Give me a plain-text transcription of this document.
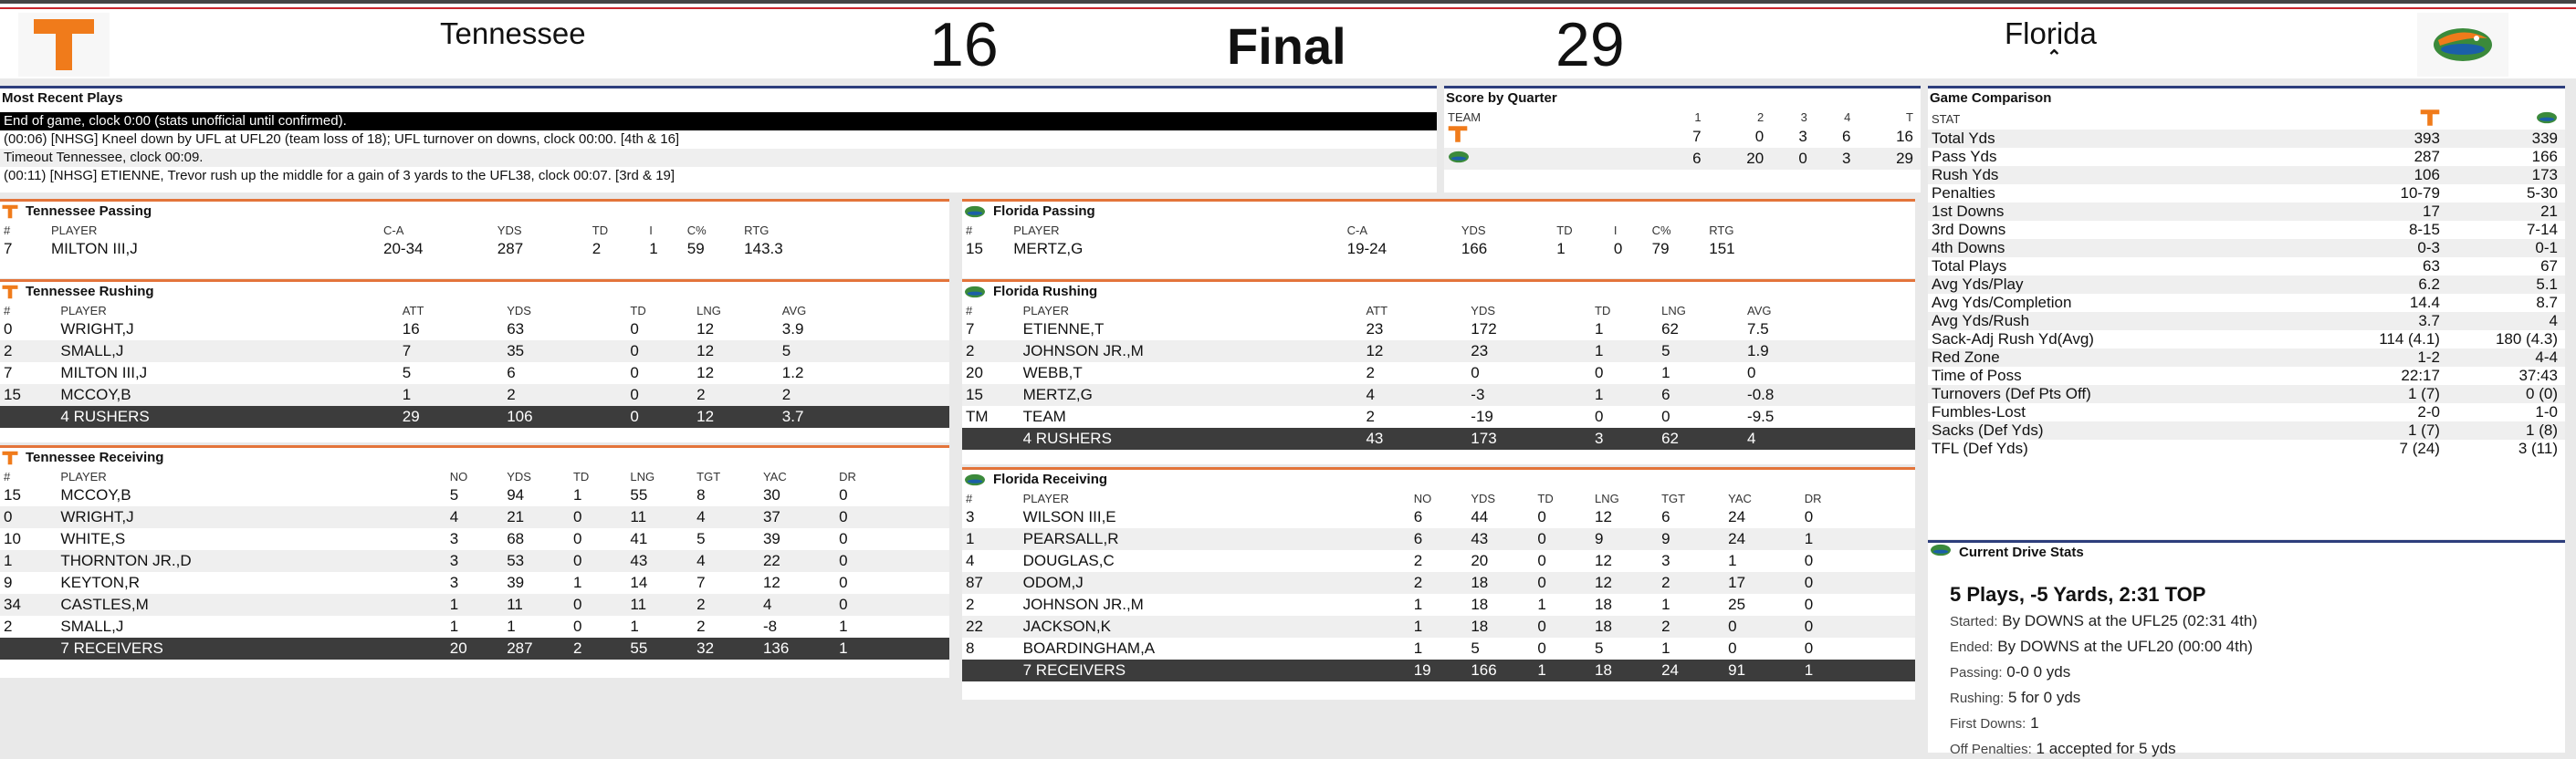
Tennessee	16	Final	29	Florida
⌃
Most Recent Plays
End of game, clock 0:00 (stats unofficial until confirmed).
(00:06) [NHSG] Kneel down by UFL at UFL20 (team loss of 18); UFL turnover on downs, clock 00:00. [4th & 16]
Timeout Tennessee, clock 00:09.
(00:11) [NHSG] ETIENNE, Trevor rush up the middle for a gain of 3 yards to the UFL38, clock 00:07. [3rd & 19]
Score by Quarter
TEAM	1	2	3	4	T
	7	0	3	6	16
	6	20	0	3	29
Game Comparison
STAT		
Total Yds	393	339
Pass Yds	287	166
Rush Yds	106	173
Penalties	10-79	5-30
1st Downs	17	21
3rd Downs	8-15	7-14
4th Downs	0-3	0-1
Total Plays	63	67
Avg Yds/Play	6.2	5.1
Avg Yds/Completion	14.4	8.7
Avg Yds/Rush	3.7	4
Sack-Adj Rush Yd(Avg)	114 (4.1)	180 (4.3)
Red Zone	1-2	4-4
Time of Poss	22:17	37:43
Turnovers (Def Pts Off)	1 (7)	0 (0)
Fumbles-Lost	2-0	1-0
Sacks (Def Yds)	1 (7)	1 (8)
TFL (Def Yds)	7 (24)	3 (11)
Current Drive Stats
5 Plays, -5 Yards, 2:31 TOP
Started: By DOWNS at the UFL25 (02:31 4th)
Ended: By DOWNS at the UFL20 (00:00 4th)
Passing: 0-0 0 yds
Rushing: 5 for 0 yds
First Downs: 1
Off Penalties: 1 accepted for 5 yds
Tennessee Passing
#	PLAYER	C-A	YDS	TD	I	C%	RTG
7	MILTON III,J	20-34	287	2	1	59	143.3
Tennessee Rushing
#	PLAYER	ATT	YDS	TD	LNG	AVG
0	WRIGHT,J	16	63	0	12	3.9
2	SMALL,J	7	35	0	12	5
7	MILTON III,J	5	6	0	12	1.2
15	MCCOY,B	1	2	0	2	2
	4 RUSHERS	29	106	0	12	3.7
Tennessee Receiving
#	PLAYER	NO	YDS	TD	LNG	TGT	YAC	DR
15	MCCOY,B	5	94	1	55	8	30	0
0	WRIGHT,J	4	21	0	11	4	37	0
10	WHITE,S	3	68	0	41	5	39	0
1	THORNTON JR.,D	3	53	0	43	4	22	0
9	KEYTON,R	3	39	1	14	7	12	0
34	CASTLES,M	1	11	0	11	2	4	0
2	SMALL,J	1	1	0	1	2	-8	1
	7 RECEIVERS	20	287	2	55	32	136	1
Florida Passing
#	PLAYER	C-A	YDS	TD	I	C%	RTG
15	MERTZ,G	19-24	166	1	0	79	151
Florida Rushing
#	PLAYER	ATT	YDS	TD	LNG	AVG
7	ETIENNE,T	23	172	1	62	7.5
2	JOHNSON JR.,M	12	23	1	5	1.9
20	WEBB,T	2	0	0	1	0
15	MERTZ,G	4	-3	1	6	-0.8
TM	TEAM	2	-19	0	0	-9.5
	4 RUSHERS	43	173	3	62	4
Florida Receiving
#	PLAYER	NO	YDS	TD	LNG	TGT	YAC	DR
3	WILSON III,E	6	44	0	12	6	24	0
1	PEARSALL,R	6	43	0	9	9	24	1
4	DOUGLAS,C	2	20	0	12	3	1	0
87	ODOM,J	2	18	0	12	2	17	0
2	JOHNSON JR.,M	1	18	1	18	1	25	0
22	JACKSON,K	1	18	0	18	2	0	0
8	BOARDINGHAM,A	1	5	0	5	1	0	0
	7 RECEIVERS	19	166	1	18	24	91	1
